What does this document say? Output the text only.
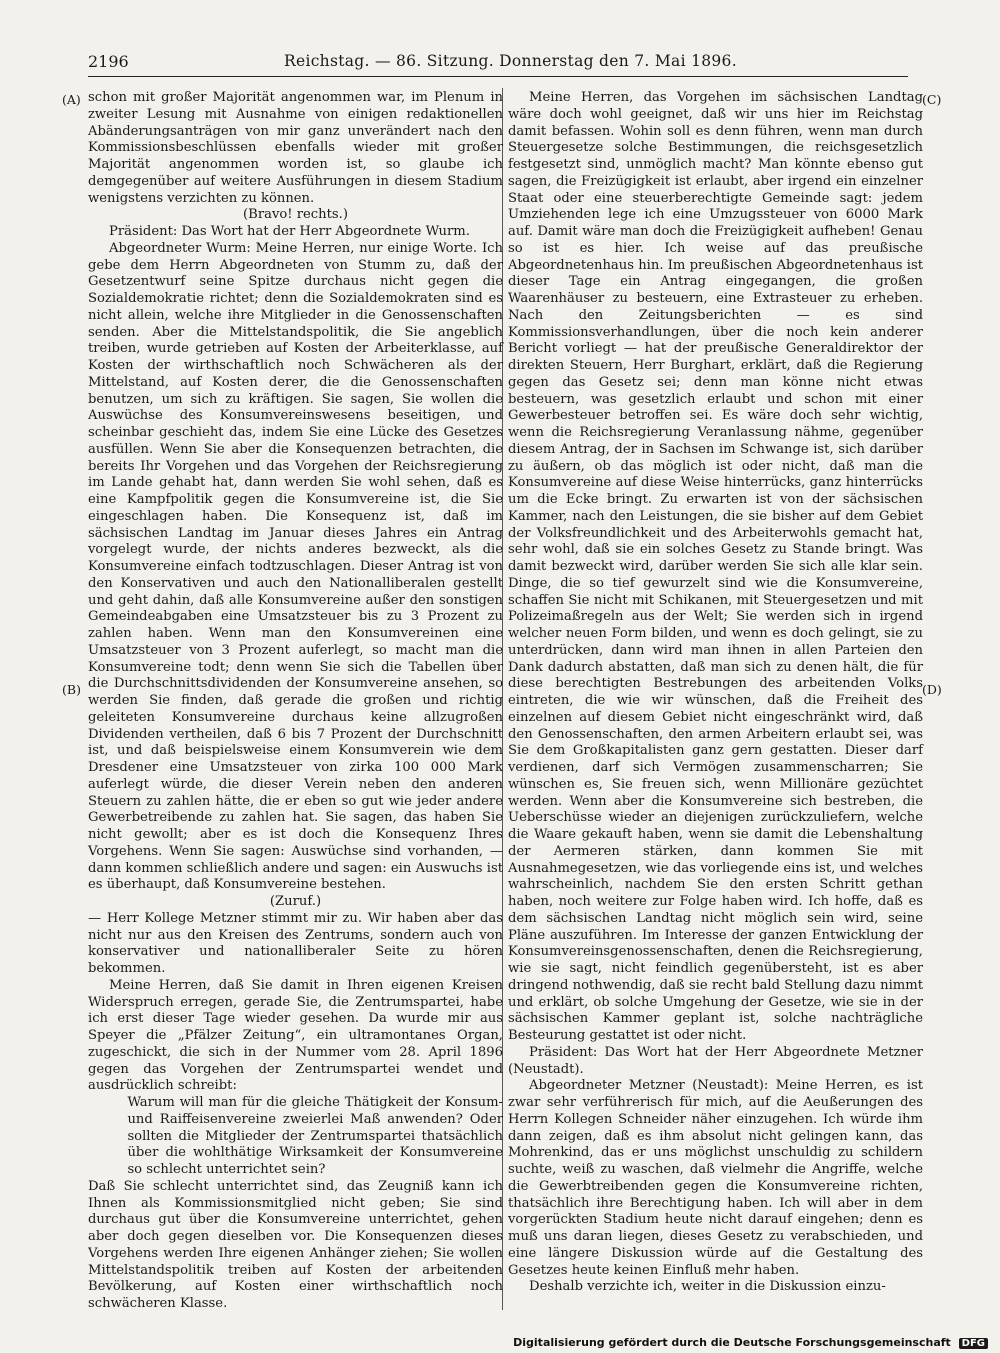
2196	Reichstag. — 86. Sitzung. Donnerstag den 7. Mai 1896.
(A)
(B)
(C)
(D)

schon mit großer Majorität angenommen war, im Plenum in zweiter Lesung mit Ausnahme von einigen redaktionellen Abänderungsanträgen von mir ganz unverändert nach den Kommissionsbeschlüssen ebenfalls wieder mit großer Majorität angenommen worden ist, so glaube ich demgegenüber auf weitere Ausführungen in diesem Stadium wenigstens verzichten zu können.

(Bravo! rechts.)

Präsident: Das Wort hat der Herr Abgeordnete Wurm.

Abgeordneter Wurm: Meine Herren, nur einige Worte. Ich gebe dem Herrn Abgeordneten von Stumm zu, daß der Gesetzentwurf seine Spitze durchaus nicht gegen die Sozialdemokratie richtet; denn die Sozialdemokraten sind es nicht allein, welche ihre Mitglieder in die Genossenschaften senden. Aber die Mittelstandspolitik, die Sie angeblich treiben, wurde getrieben auf Kosten der Arbeiterklasse, auf Kosten der wirthschaftlich noch Schwächeren als der Mittelstand, auf Kosten derer, die die Genossenschaften benutzen, um sich zu kräftigen. Sie sagen, Sie wollen die Auswüchse des Konsumvereinswesens beseitigen, und scheinbar geschieht das, indem Sie eine Lücke des Gesetzes ausfüllen. Wenn Sie aber die Konsequenzen betrachten, die bereits Ihr Vorgehen und das Vorgehen der Reichsregierung im Lande gehabt hat, dann werden Sie wohl sehen, daß es eine Kampfpolitik gegen die Konsumvereine ist, die Sie eingeschlagen haben. Die Konsequenz ist, daß im sächsischen Landtag im Januar dieses Jahres ein Antrag vorgelegt wurde, der nichts anderes bezweckt, als die Konsumvereine einfach todtzuschlagen. Dieser Antrag ist von den Konservativen und auch den Nationalliberalen gestellt und geht dahin, daß alle Konsumvereine außer den sonstigen Gemeindeabgaben eine Umsatzsteuer bis zu 3 Prozent zu zahlen haben. Wenn man den Konsumvereinen eine Umsatzsteuer von 3 Prozent auferlegt, so macht man die Konsumvereine todt; denn wenn Sie sich die Tabellen über die Durchschnittsdividenden der Konsumvereine ansehen, so werden Sie finden, daß gerade die großen und richtig geleiteten Konsumvereine durchaus keine allzugroßen Dividenden vertheilen, daß 6 bis 7 Prozent der Durchschnitt ist, und daß beispielsweise einem Konsumverein wie dem Dresdener eine Umsatzsteuer von zirka 100 000 Mark auferlegt würde, die dieser Verein neben den anderen Steuern zu zahlen hätte, die er eben so gut wie jeder andere Gewerbetreibende zu zahlen hat. Sie sagen, das haben Sie nicht gewollt; aber es ist doch die Konsequenz Ihres Vorgehens. Wenn Sie sagen: Auswüchse sind vorhanden, — dann kommen schließlich andere und sagen: ein Auswuchs ist es überhaupt, daß Konsumvereine bestehen.

(Zuruf.)

— Herr Kollege Metzner stimmt mir zu. Wir haben aber das nicht nur aus den Kreisen des Zentrums, sondern auch von konservativer und nationalliberaler Seite zu hören bekommen.

Meine Herren, daß Sie damit in Ihren eigenen Kreisen Widerspruch erregen, gerade Sie, die Zentrumspartei, habe ich erst dieser Tage wieder gesehen. Da wurde mir aus Speyer die „Pfälzer Zeitung“, ein ultramontanes Organ, zugeschickt, die sich in der Nummer vom 28. April 1896 gegen das Vorgehen der Zentrumspartei wendet und ausdrücklich schreibt:

Warum will man für die gleiche Thätigkeit der Konsum- und Raiffeisenvereine zweierlei Maß anwenden? Oder sollten die Mitglieder der Zentrumspartei thatsächlich über die wohlthätige Wirksamkeit der Konsumvereine so schlecht unterrichtet sein?

Daß Sie schlecht unterrichtet sind, das Zeugniß kann ich Ihnen als Kommissionsmitglied nicht geben; Sie sind durchaus gut über die Konsumvereine unterrichtet, gehen aber doch gegen dieselben vor. Die Konsequenzen dieses Vorgehens werden Ihre eigenen Anhänger ziehen; Sie wollen Mittelstandspolitik treiben auf Kosten der arbeitenden Bevölkerung, auf Kosten einer wirthschaftlich noch schwächeren Klasse.

Meine Herren, das Vorgehen im sächsischen Landtag wäre doch wohl geeignet, daß wir uns hier im Reichstag damit befassen. Wohin soll es denn führen, wenn man durch Steuergesetze solche Bestimmungen, die reichsgesetzlich festgesetzt sind, unmöglich macht? Man könnte ebenso gut sagen, die Freizügigkeit ist erlaubt, aber irgend ein einzelner Staat oder eine steuerberechtigte Gemeinde sagt: jedem Umziehenden lege ich eine Umzugssteuer von 6000 Mark auf. Damit wäre man doch die Freizügigkeit aufheben! Genau so ist es hier. Ich weise auf das preußische Abgeordnetenhaus hin. Im preußischen Abgeordnetenhaus ist dieser Tage ein Antrag eingegangen, die großen Waarenhäuser zu besteuern, eine Extrasteuer zu erheben. Nach den Zeitungsberichten — es sind Kommissionsverhandlungen, über die noch kein anderer Bericht vorliegt — hat der preußische Generaldirektor der direkten Steuern, Herr Burghart, erklärt, daß die Regierung gegen das Gesetz sei; denn man könne nicht etwas besteuern, was gesetzlich erlaubt und schon mit einer Gewerbesteuer betroffen sei. Es wäre doch sehr wichtig, wenn die Reichsregierung Veranlassung nähme, gegenüber diesem Antrag, der in Sachsen im Schwange ist, sich darüber zu äußern, ob das möglich ist oder nicht, daß man die Konsumvereine auf diese Weise hinterrücks, ganz hinterrücks um die Ecke bringt. Zu erwarten ist von der sächsischen Kammer, nach den Leistungen, die sie bisher auf dem Gebiet der Volksfreundlichkeit und des Arbeiterwohls gemacht hat, sehr wohl, daß sie ein solches Gesetz zu Stande bringt. Was damit bezweckt wird, darüber werden Sie sich alle klar sein. Dinge, die so tief gewurzelt sind wie die Konsumvereine, schaffen Sie nicht mit Schikanen, mit Steuergesetzen und mit Polizeimaßregeln aus der Welt; Sie werden sich in irgend welcher neuen Form bilden, und wenn es doch gelingt, sie zu unterdrücken, dann wird man ihnen in allen Parteien den Dank dadurch abstatten, daß man sich zu denen hält, die für diese berechtigten Bestrebungen des arbeitenden Volks eintreten, die wie wir wünschen, daß die Freiheit des einzelnen auf diesem Gebiet nicht eingeschränkt wird, daß den Genossenschaften, den armen Arbeitern erlaubt sei, was Sie dem Großkapitalisten ganz gern gestatten. Dieser darf verdienen, darf sich Vermögen zusammenscharren; Sie wünschen es, Sie freuen sich, wenn Millionäre gezüchtet werden. Wenn aber die Konsumvereine sich bestreben, die Ueberschüsse wieder an diejenigen zurückzuliefern, welche die Waare gekauft haben, wenn sie damit die Lebenshaltung der Aermeren stärken, dann kommen Sie mit Ausnahmegesetzen, wie das vorliegende eins ist, und welches wahrscheinlich, nachdem Sie den ersten Schritt gethan haben, noch weitere zur Folge haben wird. Ich hoffe, daß es dem sächsischen Landtag nicht möglich sein wird, seine Pläne auszuführen. Im Interesse der ganzen Entwicklung der Konsumvereinsgenossenschaften, denen die Reichsregierung, wie sie sagt, nicht feindlich gegenübersteht, ist es aber dringend nothwendig, daß sie recht bald Stellung dazu nimmt und erklärt, ob solche Umgehung der Gesetze, wie sie in der sächsischen Kammer geplant ist, solche nachträgliche Besteurung gestattet ist oder nicht.

Präsident: Das Wort hat der Herr Abgeordnete Metzner (Neustadt).

Abgeordneter Metzner (Neustadt): Meine Herren, es ist zwar sehr verführerisch für mich, auf die Aeußerungen des Herrn Kollegen Schneider näher einzugehen. Ich würde ihm dann zeigen, daß es ihm absolut nicht gelingen kann, das Mohrenkind, das er uns möglichst unschuldig zu schildern suchte, weiß zu waschen, daß vielmehr die Angriffe, welche die Gewerbtreibenden gegen die Konsumvereine richten, thatsächlich ihre Berechtigung haben. Ich will aber in dem vorgerückten Stadium heute nicht darauf eingehen; denn es muß uns daran liegen, dieses Gesetz zu verabschieden, und eine längere Diskussion würde auf die Gestaltung des Gesetzes heute keinen Einfluß mehr haben.

Deshalb verzichte ich, weiter in die Diskussion einzu-

Digitalisierung gefördert durch die Deutsche Forschungsgemeinschaft DFG
